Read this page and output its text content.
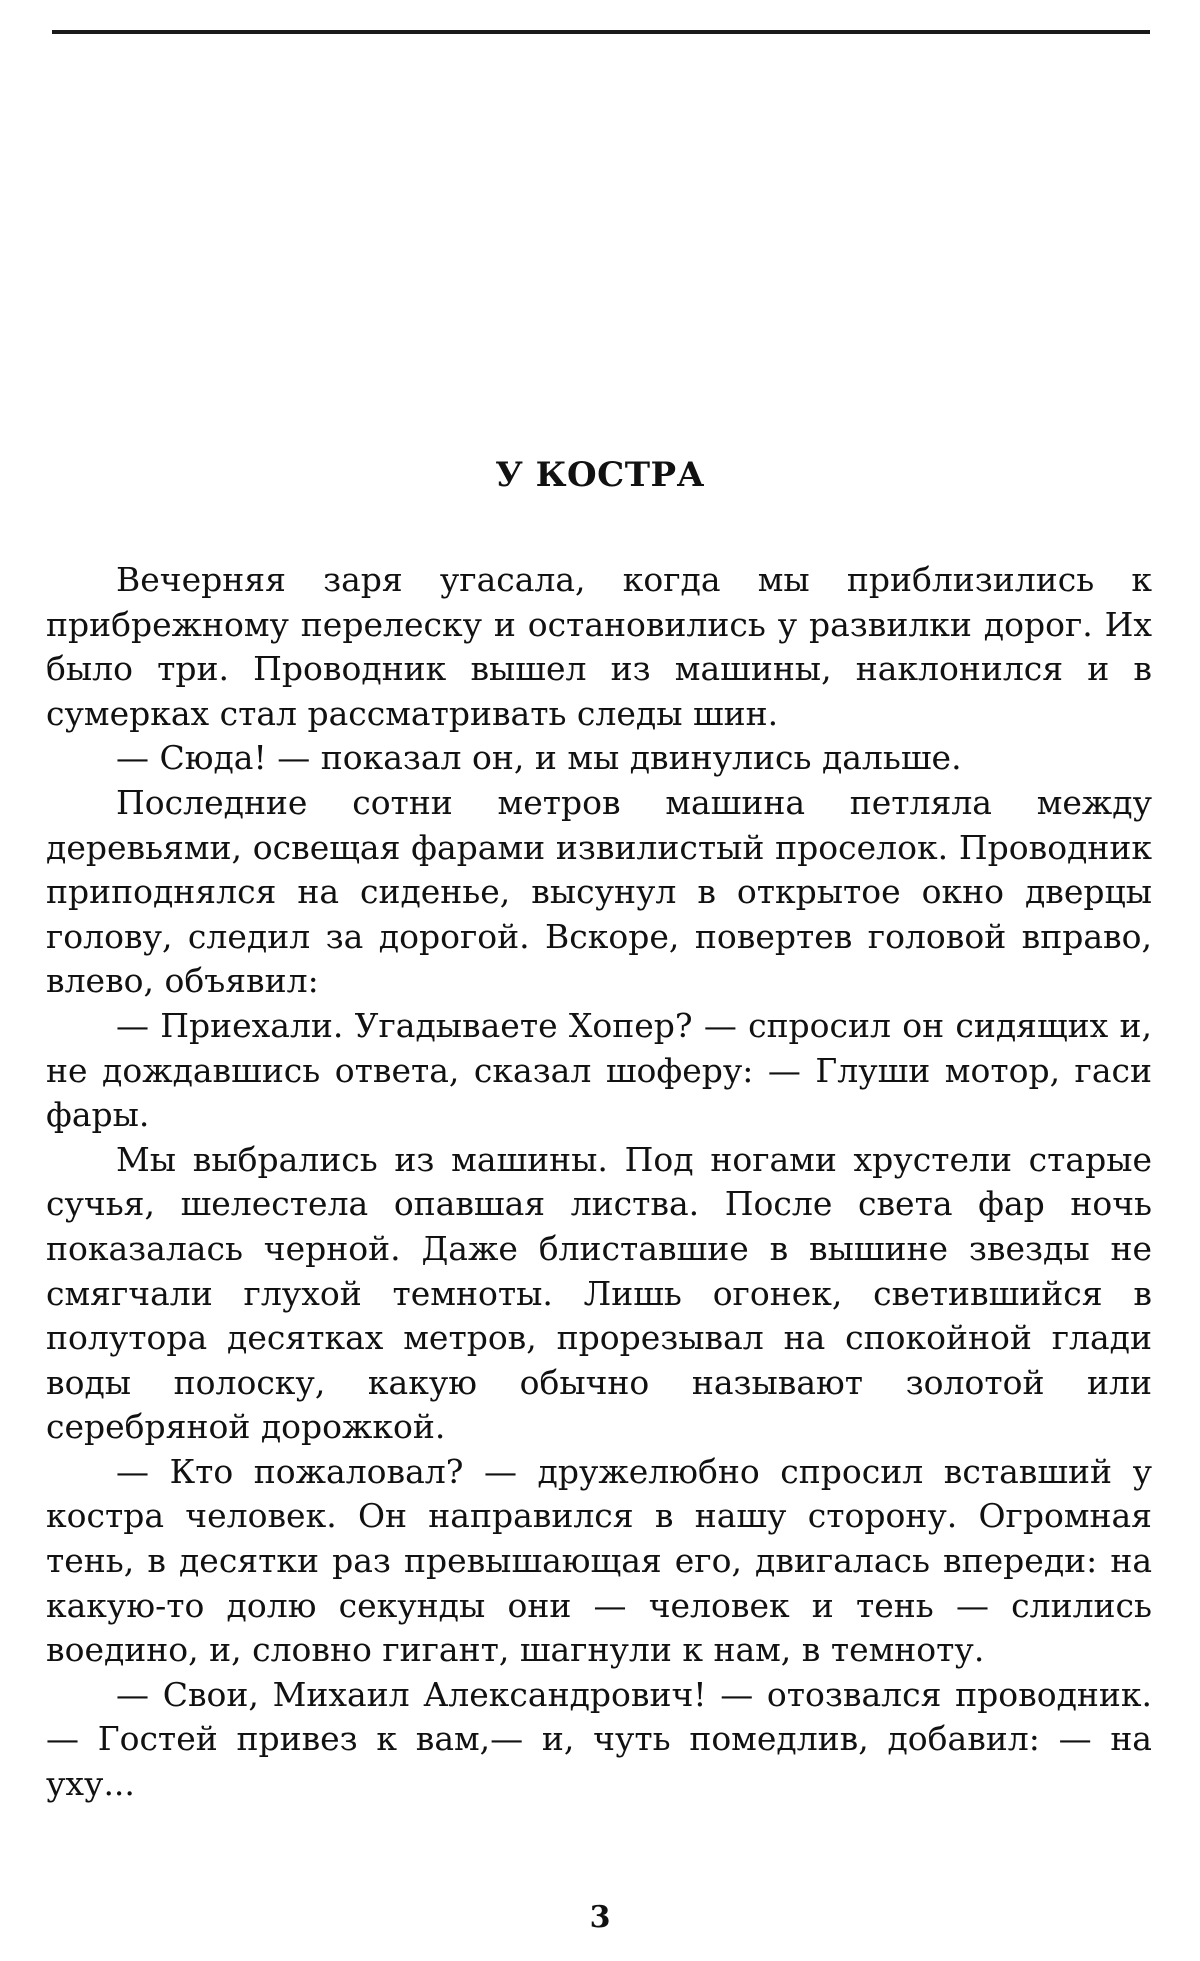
У КОСТРА

Вечерняя заря угасала, когда мы приблизились к прибрежному перелеску и остановились у развилки дорог. Их было три. Проводник вышел из машины, наклонился и в сумерках стал рассматривать следы шин.

— Сюда! — показал он, и мы двинулись дальше.

Последние сотни метров машина петляла между деревьями, освещая фарами извилистый проселок. Проводник приподнялся на сиденье, высунул в открытое окно дверцы голову, следил за дорогой. Вскоре, повертев головой вправо, влево, объявил:

— Приехали. Угадываете Хопер? — спросил он сидящих и, не дождавшись ответа, сказал шоферу: — Глуши мотор, гаси фары.

Мы выбрались из машины. Под ногами хрустели старые сучья, шелестела опавшая листва. После света фар ночь показалась черной. Даже блиставшие в вышине звезды не смягчали глухой темноты. Лишь огонек, светившийся в полутора десятках метров, прорезывал на спокойной глади воды полоску, какую обычно называют золотой или серебряной дорожкой.

— Кто пожаловал? — дружелюбно спросил вставший у костра человек. Он направился в нашу сторону. Огромная тень, в десятки раз превышающая его, двигалась впереди: на какую-то долю секунды они — человек и тень — слились воедино, и, словно гигант, шагнули к нам, в темноту.

— Свои, Михаил Александрович! — отозвался проводник.— Гостей привез к вам,— и, чуть помедлив, добавил: — на уху...

3
